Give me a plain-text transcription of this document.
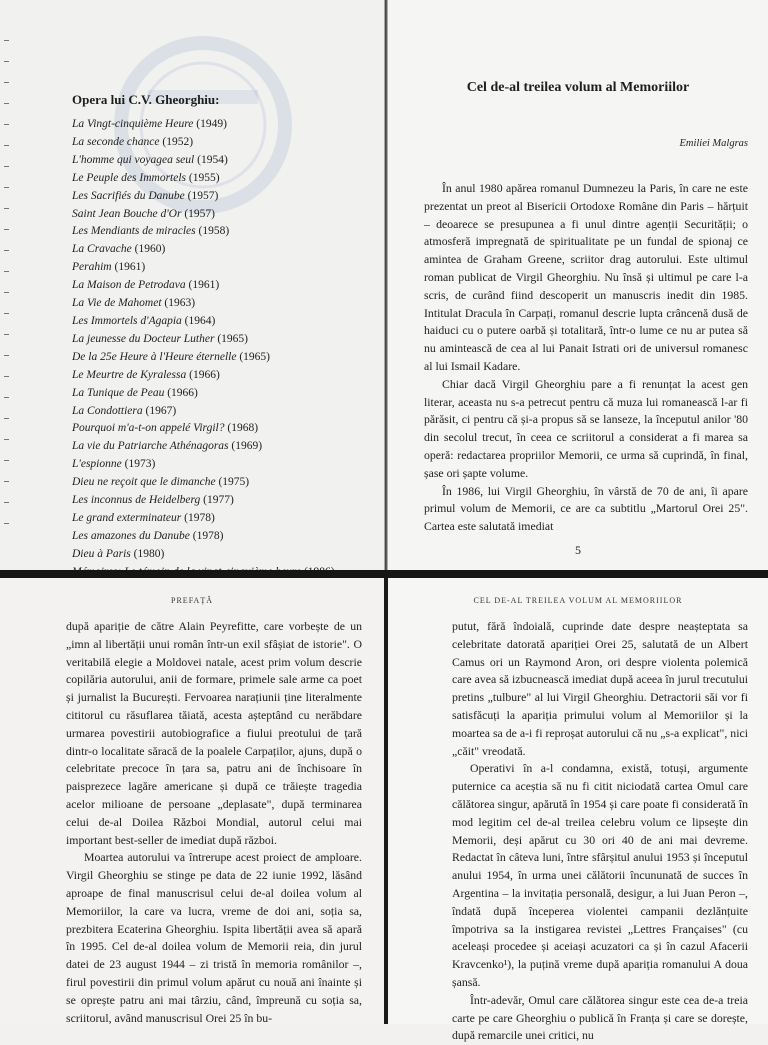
Opera lui C.V. Gheorghiu:
La Vingt-cinquième Heure (1949)
La seconde chance (1952)
L'homme qui voyagea seul (1954)
Le Peuple des Immortels (1955)
Les Sacrifiés du Danube (1957)
Saint Jean Bouche d'Or (1957)
Les Mendiants de miracles (1958)
La Cravache (1960)
Perahim (1961)
La Maison de Petrodava (1961)
La Vie de Mahomet (1963)
Les Immortels d'Agapia (1964)
La jeunesse du Docteur Luther (1965)
De la 25e Heure à l'Heure éternelle (1965)
Le Meurtre de Kyralessa (1966)
La Tunique de Peau (1966)
La Condottiera (1967)
Pourquoi m'a-t-on appelé Virgil? (1968)
La vie du Patriarche Athénagoras (1969)
L'espionne (1973)
Dieu ne reçoit que le dimanche (1975)
Les inconnus de Heidelberg (1977)
Le grand exterminateur (1978)
Les amazones du Danube (1978)
Dieu à Paris (1980)
Cel de-al treilea volum al Memoriilor
Emiliei Malgras

În anul 1980 apărea romanul Dumnezeu la Paris, în care ne este prezentat un preot al Bisericii Ortodoxe Române din Paris – hărțuit – deoarece se presupunea a fi unul dintre agenții Securității; o atmosferă impregnată de spiritualitate pe un fundal de spionaj ce amintea de Graham Greene, scriitor drag autorului. Este ultimul roman publicat de Virgil Gheorghiu. Nu însă și ultimul pe care l-a scris, de curând fiind descoperit un manuscris inedit din 1985. Intitulat Dracula în Carpați, romanul descrie lupta crâncenă dusă de haiduci cu o putere oarbă și totalitară, într-o lume ce nu ar putea să nu amintească de cea al lui Panait Istrati ori de universul romanesc al lui Ismail Kadare.

Chiar dacă Virgil Gheorghiu pare a fi renunțat la acest gen literar, aceasta nu s-a petrecut pentru că muza lui romanească l-ar fi părăsit, ci pentru că și-a propus să se lanseze, la începutul anilor '80 din secolul trecut, în ceea ce scriitorul a considerat a fi marea sa operă: redactarea propriilor Memorii, ce urma să cuprindă, în final, șase ori șapte volume.

În 1986, lui Virgil Gheorghiu, în vârstă de 70 de ani, îi apare primul volum de Memorii, ce are ca subtitlu „Martorul Orei 25". Cartea este salutată imediat

5
PREFAȚĂ

după apariție de către Alain Peyrefitte, care vorbește de un „imn al libertății unui român într-un exil sfâșiat de istorie". O veritabilă elegie a Moldovei natale, acest prim volum descrie copilăria autorului, anii de formare, primele sale arme ca poet și jurnalist la București. Fervoarea narațiunii ține literalmente cititorul cu răsuflarea tăiată, acesta așteptând cu nerăbdare urmarea povestirii autobiografice a fiului preotului de țară dintr-o localitate săracă de la poalele Carpaților, ajuns, după o celebritate precoce în țara sa, patru ani de închisoare în paisprezece lagăre americane și după ce trăiește tragedia acelor milioane de persoane „deplasate", după terminarea celui de-al Doilea Război Mondial, autorul celui mai important best-seller de imediat după război.

Moartea autorului va întrerupe acest proiect de amploare. Virgil Gheorghiu se stinge pe data de 22 iunie 1992, lăsând aproape de final manuscrisul celui de-al doilea volum al Memoriilor, la care va lucra, vreme de doi ani, soția sa, prezbitera Ecaterina Gheorghiu. Ispita libertății avea să apară în 1995. Cel de-al doilea volum de Memorii reia, din jurul datei de 23 august 1944 – zi tristă în memoria românilor –, firul povestirii din primul volum apărut cu nouă ani înainte și se oprește patru ani mai târziu, când, împreună cu soția sa, scriitorul, având manuscrisul Orei 25 în bu-

CEL DE-AL TREILEA VOLUM AL MEMORIILOR

putut, fără îndoială, cuprinde date despre neașteptata sa celebritate datorată apariției Orei 25, salutată de un Albert Camus ori un Raymond Aron, ori despre violenta polemică care avea să izbucnească imediat după aceea în jurul trecutului pretins „tulbure" al lui Virgil Gheorghiu. Detractorii săi vor fi satisfăcuți la apariția primului volum al Memoriilor și la moartea sa de a-i fi reproșat autorului că nu „s-a explicat", nici „căit" vreodată.

Operativi în a-l condamna, există, totuși, argumente puternice ca aceștia să nu fi citit niciodată cartea Omul care călătorea singur, apărută în 1954 și care poate fi considerată în mod legitim cel de-al treilea celebru volum ce lipsește din Memorii, deși apărut cu 30 ori 40 de ani mai devreme. Redactat în câteva luni, între sfârșitul anului 1953 și începutul anului 1954, în urma unei călătorii încununată de succes în Argentina – la invitația personală, desigur, a lui Juan Peron –, îndată după începerea violentei campanii dezlănțuite împotriva sa la instigarea revistei „Lettres Françaises" (cu aceleași procedee și aceiași acuzatori ca și în cazul Afacerii Kravcenko¹), la puțină vreme după apariția romanului A doua șansă.

Într-adevăr, Omul care călătorea singur este cea de-a treia carte pe care Gheorghiu o publică în Franța și care se dorește, după remarcile unei critici, nu
